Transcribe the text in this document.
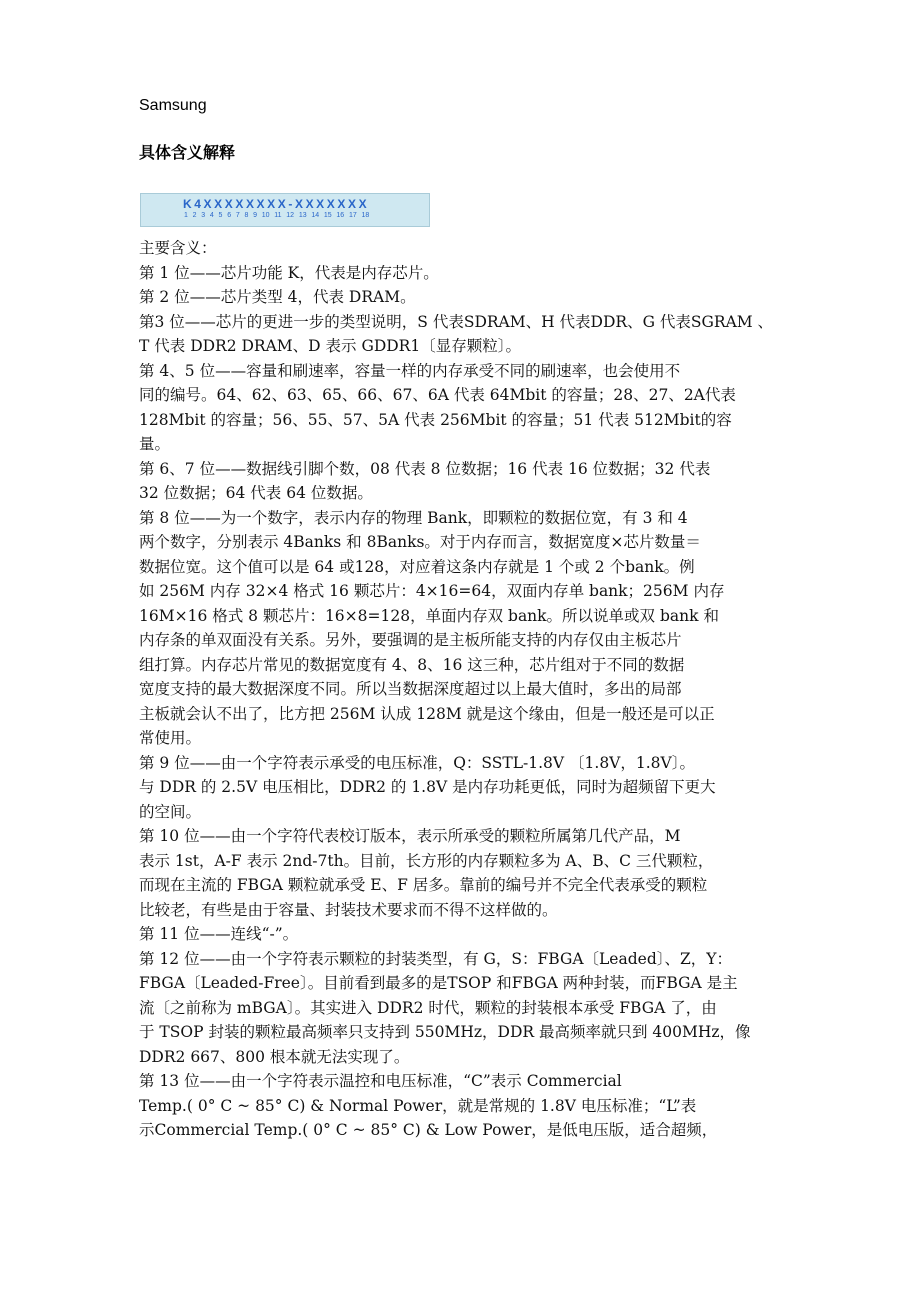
Samsung
具体含义解释
K4XXXXXXXX-XXXXXXX
1 2 3 4 5 6 7 8 9 10 11 12 13 14 15 16 17 18
主要含义：
第 1 位——芯片功能 K，代表是内存芯片。
第 2 位——芯片类型 4，代表 DRAM。
第3 位——芯片的更进一步的类型说明，S 代表SDRAM、H 代表DDR、G 代表SGRAM 、
T 代表 DDR2 DRAM、D 表示 GDDR1〔显存颗粒〕。
第 4、5 位——容量和刷速率，容量一样的内存承受不同的刷速率，也会使用不
同的编号。64、62、63、65、66、67、6A 代表 64Mbit 的容量；28、27、2A代表
128Mbit 的容量；56、55、57、5A 代表 256Mbit 的容量；51 代表 512Mbit的容
量。
第 6、7 位——数据线引脚个数，08 代表 8 位数据；16 代表 16 位数据；32 代表
32 位数据；64 代表 64 位数据。
第 8 位——为一个数字，表示内存的物理 Bank，即颗粒的数据位宽，有 3 和 4
两个数字，分别表示 4Banks 和 8Banks。对于内存而言，数据宽度×芯片数量＝
数据位宽。这个值可以是 64 或128，对应着这条内存就是 1 个或 2 个bank。例
如 256M 内存 32×4 格式 16 颗芯片：4×16=64，双面内存单 bank；256M 内存
16M×16 格式 8 颗芯片：16×8=128，单面内存双 bank。所以说单或双 bank 和
内存条的单双面没有关系。另外，要强调的是主板所能支持的内存仅由主板芯片
组打算。内存芯片常见的数据宽度有 4、8、16 这三种，芯片组对于不同的数据
宽度支持的最大数据深度不同。所以当数据深度超过以上最大值时，多出的局部
主板就会认不出了，比方把 256M 认成 128M 就是这个缘由，但是一般还是可以正
常使用。
第 9 位——由一个字符表示承受的电压标准，Q：SSTL-1.8V 〔1.8V，1.8V〕。
与 DDR 的 2.5V 电压相比，DDR2 的 1.8V 是内存功耗更低，同时为超频留下更大
的空间。
第 10 位——由一个字符代表校订版本，表示所承受的颗粒所属第几代产品，M
表示 1st，A-F 表示 2nd-7th。目前，长方形的内存颗粒多为 A、B、C 三代颗粒，
而现在主流的 FBGA 颗粒就承受 E、F 居多。靠前的编号并不完全代表承受的颗粒
比较老，有些是由于容量、封装技术要求而不得不这样做的。
第 11 位——连线“-”。
第 12 位——由一个字符表示颗粒的封装类型，有 G，S：FBGA〔Leaded〕、Z，Y：
FBGA〔Leaded-Free〕。目前看到最多的是TSOP 和FBGA 两种封装，而FBGA 是主
流〔之前称为 mBGA〕。其实进入 DDR2 时代，颗粒的封装根本承受 FBGA 了，由
于 TSOP 封装的颗粒最高频率只支持到 550MHz，DDR 最高频率就只到 400MHz，像
DDR2 667、800 根本就无法实现了。
第 13 位——由一个字符表示温控和电压标准，“C”表示 Commercial
Temp.( 0° C ~ 85° C) & Normal Power，就是常规的 1.8V 电压标准；“L”表
示Commercial Temp.( 0° C ~ 85° C) & Low Power，是低电压版，适合超频，
